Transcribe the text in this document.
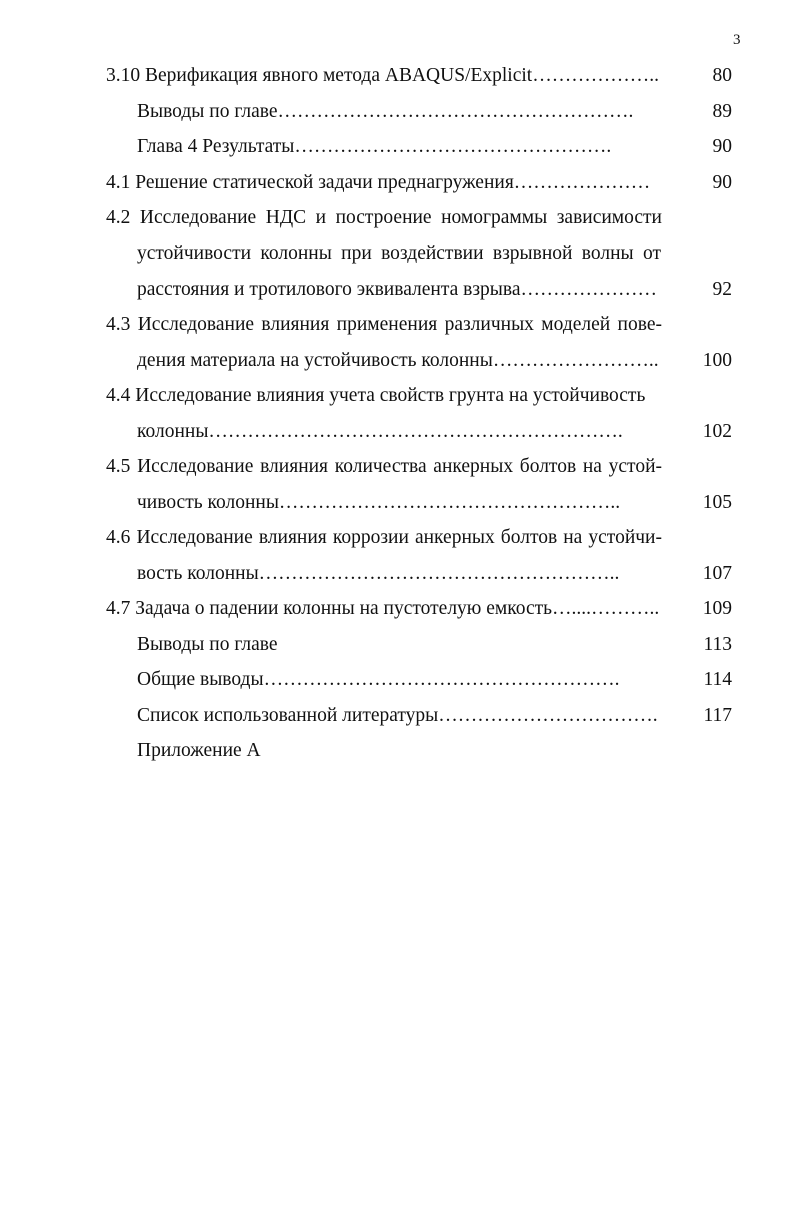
3
3.10 Верификация явного метода ABAQUS/Explicit………………..	80
Выводы по главе……………………………………………….	89
Глава 4 Результаты………………………………………….	90
4.1 Решение статической задачи преднагружения…………………	90
4.2 Исследование НДС и построение номограммы зависимости
устойчивости колонны при воздействии взрывной волны от
расстояния и тротилового эквивалента взрыва…………………	92
4.3 Исследование влияния применения различных моделей пове-
дения материала на устойчивость колонны…………………….. 100
4.4 Исследование влияния учета свойств грунта на устойчивость
колонны……………………………………………………….	102
4.5 Исследование влияния количества анкерных болтов на устой-
чивость колонны……………………………………………..	105
4.6 Исследование влияния коррозии анкерных болтов на устойчи-
вость колонны………………………………………………..	107
4.7 Задача о падении колонны на пустотелую емкость…....……….. 109
Выводы по главе	113
Общие выводы……………………………………………….	114
Список использованной литературы……………………………. 117
Приложение А
